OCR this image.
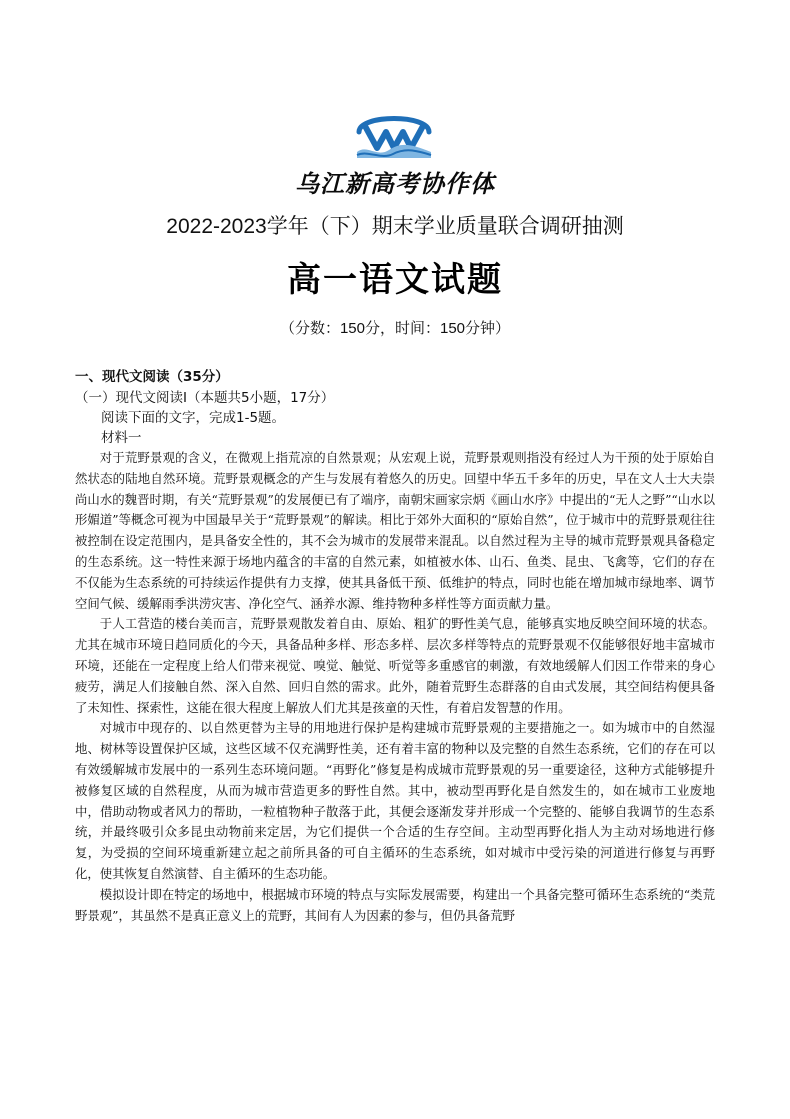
乌江新高考协作体
2022-2023学年（下）期末学业质量联合调研抽测
高一语文试题
（分数：150分，时间：150分钟）

一、现代文阅读（35分）

（一）现代文阅读Ⅰ（本题共5小题，17分）

阅读下面的文字，完成1-5题。

材料一

对于荒野景观的含义，在微观上指荒凉的自然景观；从宏观上说，荒野景观则指没有经过人为干预的处于原始自然状态的陆地自然环境。荒野景观概念的产生与发展有着悠久的历史。回望中华五千多年的历史，早在文人士大夫崇尚山水的魏晋时期，有关“荒野景观”的发展便已有了端序，南朝宋画家宗炳《画山水序》中提出的“无人之野”“山水以形媚道”等概念可视为中国最早关于“荒野景观”的解读。相比于郊外大面积的“原始自然”，位于城市中的荒野景观往往被控制在设定范围内，是具备安全性的，其不会为城市的发展带来混乱。以自然过程为主导的城市荒野景观具备稳定的生态系统。这一特性来源于场地内蕴含的丰富的自然元素，如植被水体、山石、鱼类、昆虫、飞禽等，它们的存在不仅能为生态系统的可持续运作提供有力支撑，使其具备低干预、低维护的特点，同时也能在增加城市绿地率、调节空间气候、缓解雨季洪涝灾害、净化空气、涵养水源、维持物种多样性等方面贡献力量。

于人工营造的楼台美而言，荒野景观散发着自由、原始、粗犷的野性美气息，能够真实地反映空间环境的状态。尤其在城市环境日趋同质化的今天，具备品种多样、形态多样、层次多样等特点的荒野景观不仅能够很好地丰富城市环境，还能在一定程度上给人们带来视觉、嗅觉、触觉、听觉等多重感官的刺激，有效地缓解人们因工作带来的身心疲劳，满足人们接触自然、深入自然、回归自然的需求。此外，随着荒野生态群落的自由式发展，其空间结构便具备了未知性、探索性，这能在很大程度上解放人们尤其是孩童的天性，有着启发智慧的作用。

对城市中现存的、以自然更替为主导的用地进行保护是构建城市荒野景观的主要措施之一。如为城市中的自然湿地、树林等设置保护区域，这些区域不仅充满野性美，还有着丰富的物种以及完整的自然生态系统，它们的存在可以有效缓解城市发展中的一系列生态环境问题。“再野化”修复是构成城市荒野景观的另一重要途径，这种方式能够提升被修复区域的自然程度，从而为城市营造更多的野性自然。其中，被动型再野化是自然发生的，如在城市工业废地中，借助动物或者风力的帮助，一粒植物种子散落于此，其便会逐渐发芽并形成一个完整的、能够自我调节的生态系统，并最终吸引众多昆虫动物前来定居，为它们提供一个合适的生存空间。主动型再野化指人为主动对场地进行修复，为受损的空间环境重新建立起之前所具备的可自主循环的生态系统，如对城市中受污染的河道进行修复与再野化，使其恢复自然演替、自主循环的生态功能。

模拟设计即在特定的场地中，根据城市环境的特点与实际发展需要，构建出一个具备完整可循环生态系统的“类荒野景观”，其虽然不是真正意义上的荒野，其间有人为因素的参与，但仍具备荒野
